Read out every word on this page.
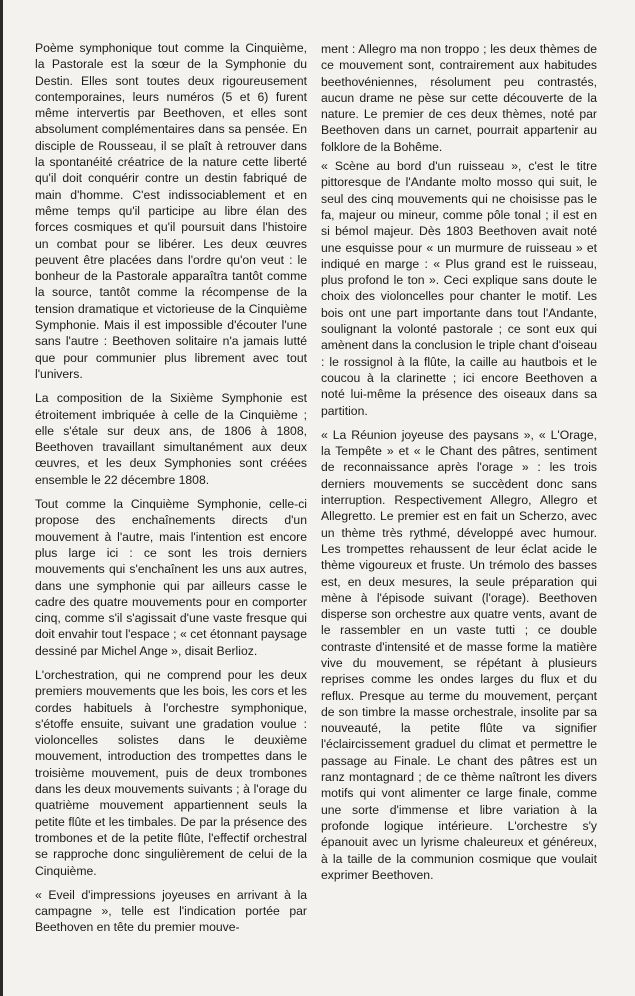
Poème symphonique tout comme la Cinquième, la Pastorale est la sœur de la Symphonie du Destin. Elles sont toutes deux rigoureusement contemporaines, leurs numéros (5 et 6) furent même intervertis par Beethoven, et elles sont absolument complémentaires dans sa pensée. En disciple de Rousseau, il se plaît à retrouver dans la spontanéité créatrice de la nature cette liberté qu'il doit conquérir contre un destin fabriqué de main d'homme. C'est indissociablement et en même temps qu'il participe au libre élan des forces cosmiques et qu'il poursuit dans l'histoire un combat pour se libérer. Les deux œuvres peuvent être placées dans l'ordre qu'on veut : le bonheur de la Pastorale apparaîtra tantôt comme la source, tantôt comme la récompense de la tension dramatique et victorieuse de la Cinquième Symphonie. Mais il est impossible d'écouter l'une sans l'autre : Beethoven solitaire n'a jamais lutté que pour communier plus librement avec tout l'univers.

La composition de la Sixième Symphonie est étroitement imbriquée à celle de la Cinquième ; elle s'étale sur deux ans, de 1806 à 1808, Beethoven travaillant simultanément aux deux œuvres, et les deux Symphonies sont créées ensemble le 22 décembre 1808.

Tout comme la Cinquième Symphonie, celle-ci propose des enchaînements directs d'un mouvement à l'autre, mais l'intention est encore plus large ici : ce sont les trois derniers mouvements qui s'enchaînent les uns aux autres, dans une symphonie qui par ailleurs casse le cadre des quatre mouvements pour en comporter cinq, comme s'il s'agissait d'une vaste fresque qui doit envahir tout l'espace ; « cet étonnant paysage dessiné par Michel Ange », disait Berlioz.

L'orchestration, qui ne comprend pour les deux premiers mouvements que les bois, les cors et les cordes habituels à l'orchestre symphonique, s'étoffe ensuite, suivant une gradation voulue : violoncelles solistes dans le deuxième mouvement, introduction des trompettes dans le troisième mouvement, puis de deux trombones dans les deux mouvements suivants ; à l'orage du quatrième mouvement appartiennent seuls la petite flûte et les timbales. De par la présence des trombones et de la petite flûte, l'effectif orchestral se rapproche donc singulièrement de celui de la Cinquième.

« Eveil d'impressions joyeuses en arrivant à la campagne », telle est l'indication portée par Beethoven en tête du premier mouve-

ment : Allegro ma non troppo ; les deux thèmes de ce mouvement sont, contrairement aux habitudes beethovéniennes, résolument peu contrastés, aucun drame ne pèse sur cette découverte de la nature. Le premier de ces deux thèmes, noté par Beethoven dans un carnet, pourrait appartenir au folklore de la Bohême.

« Scène au bord d'un ruisseau », c'est le titre pittoresque de l'Andante molto mosso qui suit, le seul des cinq mouvements qui ne choisisse pas le fa, majeur ou mineur, comme pôle tonal ; il est en si bémol majeur. Dès 1803 Beethoven avait noté une esquisse pour « un murmure de ruisseau » et indiqué en marge : « Plus grand est le ruisseau, plus profond le ton ». Ceci explique sans doute le choix des violoncelles pour chanter le motif. Les bois ont une part importante dans tout l'Andante, soulignant la volonté pastorale ; ce sont eux qui amènent dans la conclusion le triple chant d'oiseau : le rossignol à la flûte, la caille au hautbois et le coucou à la clarinette ; ici encore Beethoven a noté lui-même la présence des oiseaux dans sa partition.

« La Réunion joyeuse des paysans », « L'Orage, la Tempête » et « le Chant des pâtres, sentiment de reconnaissance après l'orage » : les trois derniers mouvements se succèdent donc sans interruption. Respectivement Allegro, Allegro et Allegretto. Le premier est en fait un Scherzo, avec un thème très rythmé, développé avec humour. Les trompettes rehaussent de leur éclat acide le thème vigoureux et fruste. Un trémolo des basses est, en deux mesures, la seule préparation qui mène à l'épisode suivant (l'orage). Beethoven disperse son orchestre aux quatre vents, avant de le rassembler en un vaste tutti ; ce double contraste d'intensité et de masse forme la matière vive du mouvement, se répétant à plusieurs reprises comme les ondes larges du flux et du reflux. Presque au terme du mouvement, perçant de son timbre la masse orchestrale, insolite par sa nouveauté, la petite flûte va signifier l'éclaircissement graduel du climat et permettre le passage au Finale. Le chant des pâtres est un ranz montagnard ; de ce thème naîtront les divers motifs qui vont alimenter ce large finale, comme une sorte d'immense et libre variation à la profonde logique intérieure. L'orchestre s'y épanouit avec un lyrisme chaleureux et généreux, à la taille de la communion cosmique que voulait exprimer Beethoven.
